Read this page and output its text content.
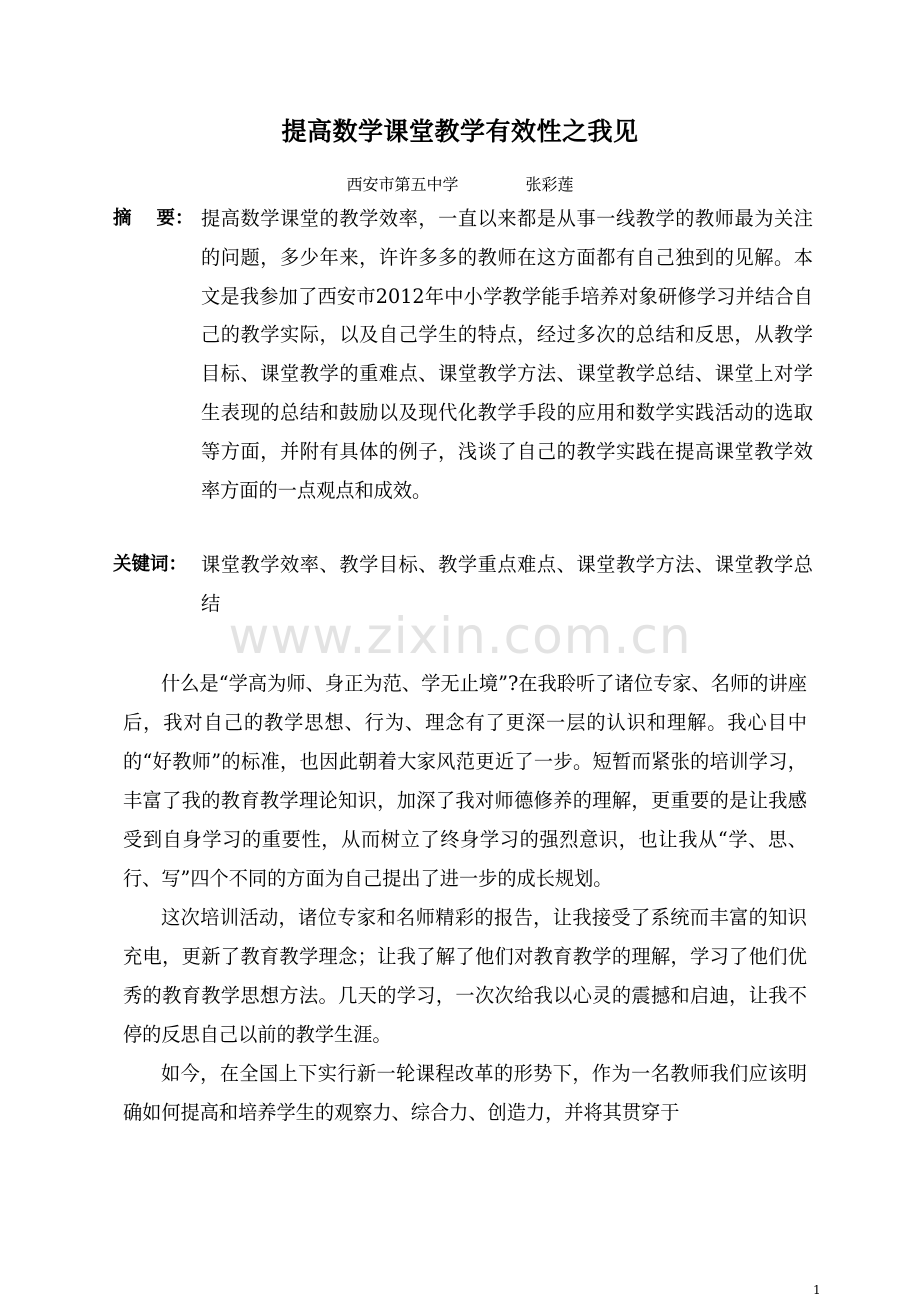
提高数学课堂教学有效性之我见
西安市第五中学	张彩莲
摘　 要： 提高数学课堂的教学效率，一直以来都是从事一线教学的教师最为关注的问题，多少年来，许许多多的教师在这方面都有自己独到的见解。本文是我参加了西安市2012年中小学教学能手培养对象研修学习并结合自己的教学实际，以及自己学生的特点，经过多次的总结和反思，从教学目标、课堂教学的重难点、课堂教学方法、课堂教学总结、课堂上对学生表现的总结和鼓励以及现代化教学手段的应用和数学实践活动的选取等方面，并附有具体的例子，浅谈了自己的教学实践在提高课堂教学效率方面的一点观点和成效。
关键词： 课堂教学效率、教学目标、教学重点难点、课堂教学方法、课堂教学总结
www.zixin.com.cn

什么是“学高为师、身正为范、学无止境”?在我聆听了诸位专家、名师的讲座后，我对自己的教学思想、行为、理念有了更深一层的认识和理解。我心目中的“好教师”的标准，也因此朝着大家风范更近了一步。短暂而紧张的培训学习，丰富了我的教育教学理论知识，加深了我对师德修养的理解，更重要的是让我感受到自身学习的重要性，从而树立了终身学习的强烈意识，也让我从“学、思、行、写”四个不同的方面为自己提出了进一步的成长规划。

这次培训活动，诸位专家和名师精彩的报告，让我接受了系统而丰富的知识充电，更新了教育教学理念；让我了解了他们对教育教学的理解，学习了他们优秀的教育教学思想方法。几天的学习，一次次给我以心灵的震撼和启迪，让我不停的反思自己以前的教学生涯。

如今，在全国上下实行新一轮课程改革的形势下，作为一名教师我们应该明确如何提高和培养学生的观察力、综合力、创造力，并将其贯穿于

1
